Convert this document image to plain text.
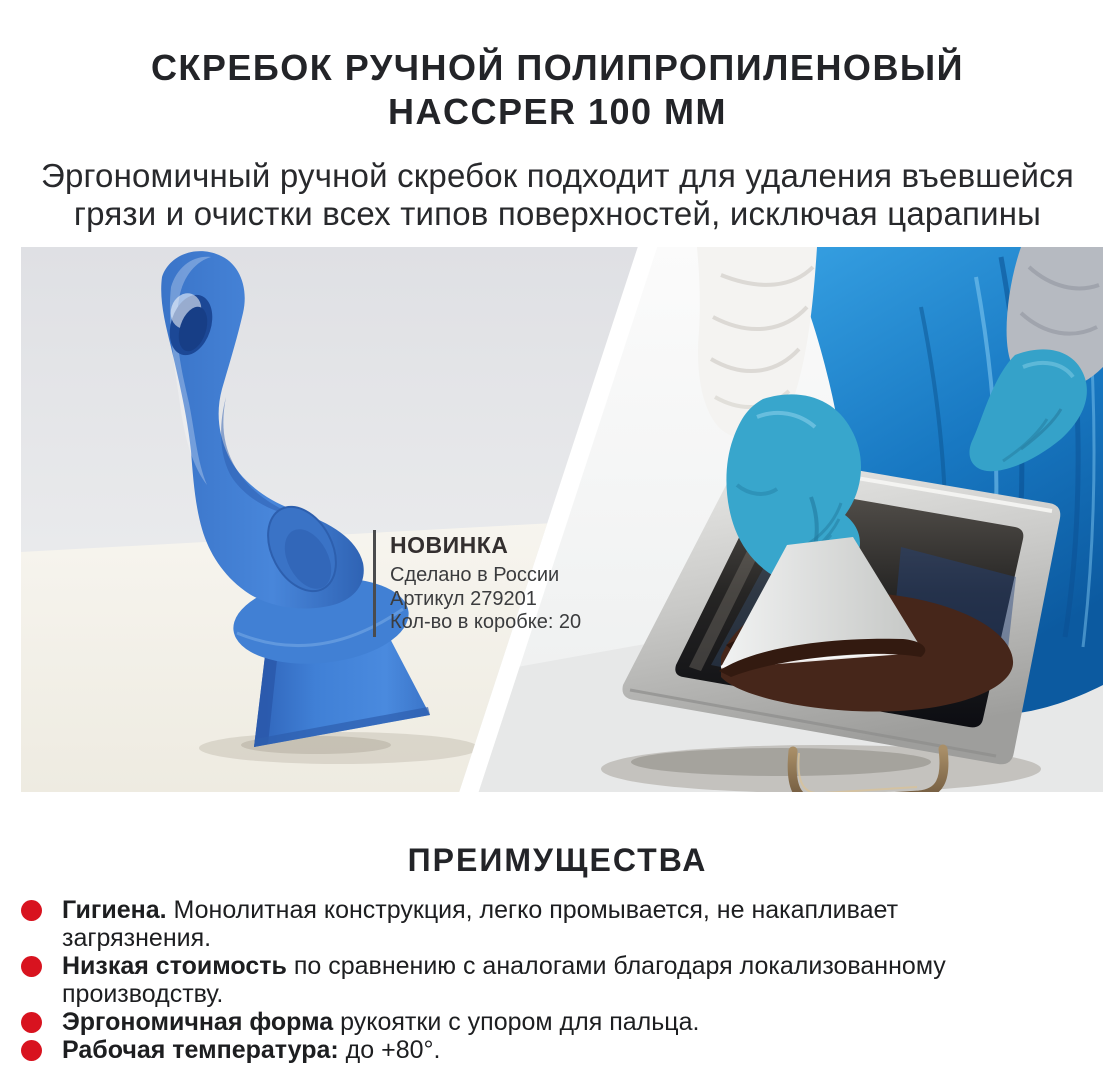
СКРЕБОК РУЧНОЙ ПОЛИПРОПИЛЕНОВЫЙ
HACCPER 100 ММ
Эргономичный ручной скребок подходит для удаления въевшейся
грязи и очистки всех типов поверхностей, исключая царапины
НОВИНКА
Сделано в России
Артикул 279201
Кол-во в коробке: 20
ПРЕИМУЩЕСТВА
Гигиена. Монолитная конструкция, легко промывается, не накапливает загрязнения.
Низкая стоимость по сравнению с аналогами благодаря локализованному производству.
Эргономичная форма рукоятки с упором для пальца.
Рабочая температура: до +80°.
